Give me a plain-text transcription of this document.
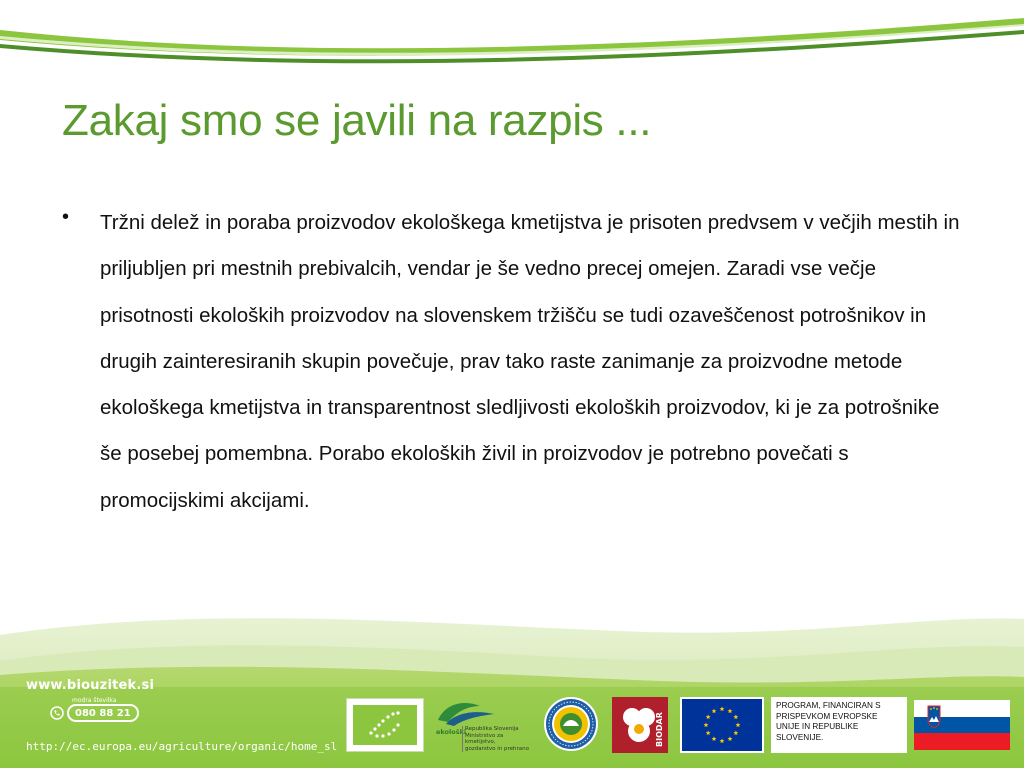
Zakaj smo se javili na razpis ...
• Tržni delež in poraba proizvodov ekološkega kmetijstva je prisoten predvsem v večjih mestih in priljubljen pri mestnih prebivalcih, vendar je še vedno precej omejen. Zaradi vse večje prisotnosti ekoloških proizvodov na slovenskem tržišču se tudi ozaveščenost potrošnikov in drugih zainteresiranih skupin povečuje, prav tako raste zanimanje za proizvodne metode ekološkega kmetijstva in transparentnost sledljivosti ekoloških proizvodov, ki je za potrošnike še posebej pomembna. Porabo ekoloških živil in proizvodov je potrebno povečati s promocijskimi akcijami.

www.biouzitek.si
modra številka
080 88 21
http://ec.europa.eu/agriculture/organic/home_sl
ekološki
Republika Slovenija
Ministrstvo za kmetijstvo,
gozdarstvo in prehrano
BIODAR
PROGRAM, FINANCIRAN S PRISPEVKOM EVROPSKE UNIJE IN REPUBLIKE SLOVENIJE.
